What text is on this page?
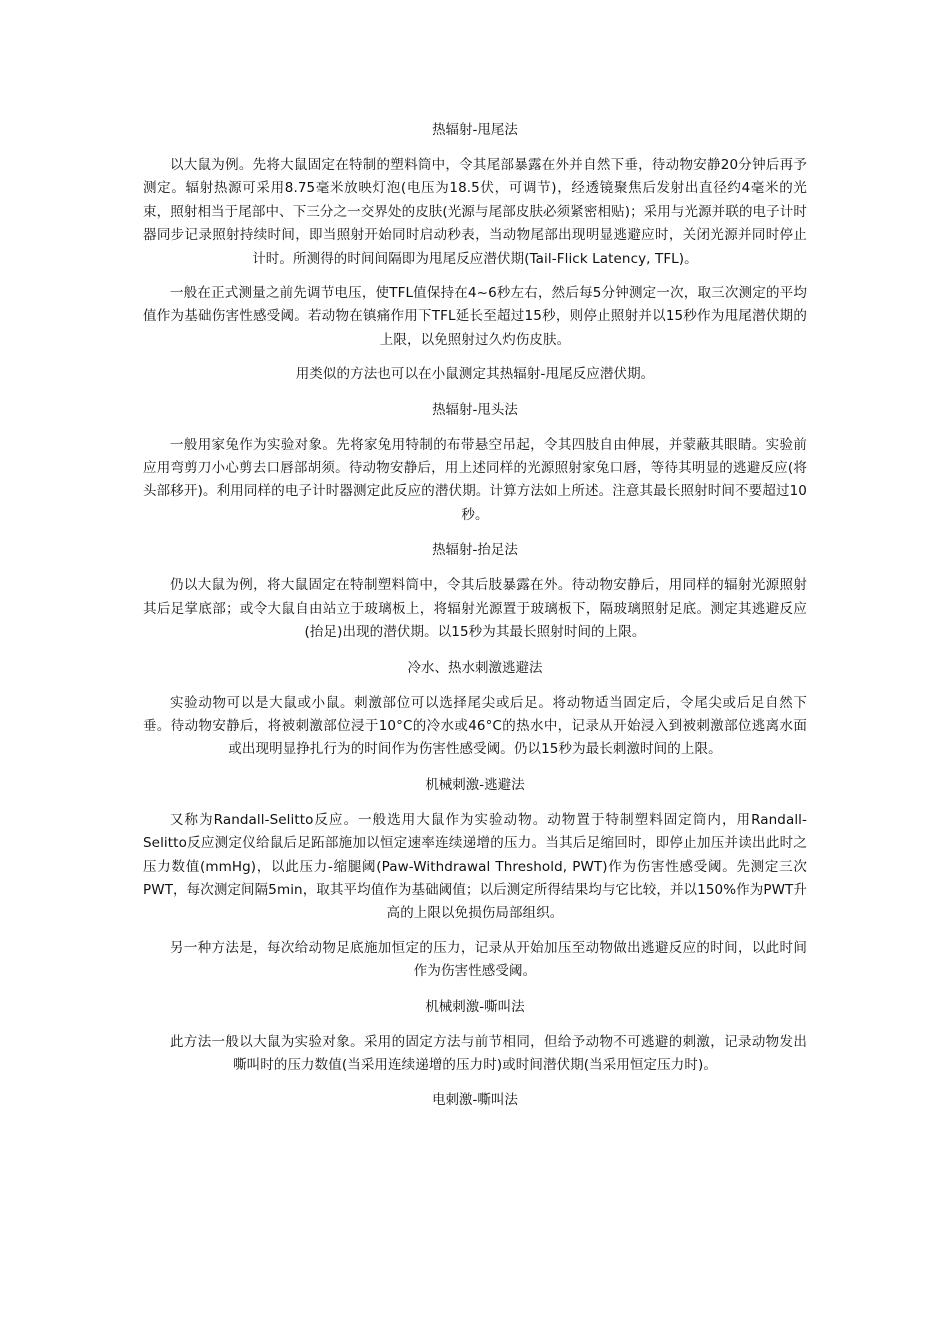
热辐射-甩尾法

以大鼠为例。先将大鼠固定在特制的塑料筒中，令其尾部暴露在外并自然下垂，待动物安静20分钟后再予测定。辐射热源可采用8.75毫米放映灯泡(电压为18.5伏，可调节)，经透镜聚焦后发射出直径约4毫米的光束，照射相当于尾部中、下三分之一交界处的皮肤(光源与尾部皮肤必须紧密相贴)；采用与光源并联的电子计时器同步记录照射持续时间，即当照射开始同时启动秒表，当动物尾部出现明显逃避应时，关闭光源并同时停止计时。所测得的时间间隔即为甩尾反应潜伏期(Tail-Flick Latency, TFL)。

一般在正式测量之前先调节电压，使TFL值保持在4~6秒左右，然后每5分钟测定一次，取三次测定的平均值作为基础伤害性感受阈。若动物在镇痛作用下TFL延长至超过15秒，则停止照射并以15秒作为甩尾潜伏期的上限，以免照射过久灼伤皮肤。

用类似的方法也可以在小鼠测定其热辐射-甩尾反应潜伏期。

热辐射-甩头法

一般用家兔作为实验对象。先将家兔用特制的布带悬空吊起，令其四肢自由伸展，并蒙蔽其眼睛。实验前应用弯剪刀小心剪去口唇部胡须。待动物安静后，用上述同样的光源照射家兔口唇，等待其明显的逃避反应(将头部移开)。利用同样的电子计时器测定此反应的潜伏期。计算方法如上所述。注意其最长照射时间不要超过10秒。

热辐射-抬足法

仍以大鼠为例，将大鼠固定在特制塑料筒中，令其后肢暴露在外。待动物安静后，用同样的辐射光源照射其后足掌底部；或令大鼠自由站立于玻璃板上，将辐射光源置于玻璃板下，隔玻璃照射足底。测定其逃避反应(抬足)出现的潜伏期。以15秒为其最长照射时间的上限。

冷水、热水刺激逃避法

实验动物可以是大鼠或小鼠。刺激部位可以选择尾尖或后足。将动物适当固定后，令尾尖或后足自然下垂。待动物安静后，将被刺激部位浸于10°C的冷水或46°C的热水中，记录从开始浸入到被刺激部位逃离水面或出现明显挣扎行为的时间作为伤害性感受阈。仍以15秒为最长刺激时间的上限。

机械刺激-逃避法

又称为Randall-Selitto反应。一般选用大鼠作为实验动物。动物置于特制塑料固定筒内，用Randall-Selitto反应测定仪给鼠后足跖部施加以恒定速率连续递增的压力。当其后足缩回时，即停止加压并读出此时之压力数值(mmHg)，以此压力-缩腿阈(Paw-Withdrawal Threshold, PWT)作为伤害性感受阈。先测定三次PWT，每次测定间隔5min，取其平均值作为基础阈值；以后测定所得结果均与它比较，并以150%作为PWT升高的上限以免损伤局部组织。

另一种方法是，每次给动物足底施加恒定的压力，记录从开始加压至动物做出逃避反应的时间，以此时间作为伤害性感受阈。

机械刺激-嘶叫法

此方法一般以大鼠为实验对象。采用的固定方法与前节相同，但给予动物不可逃避的刺激，记录动物发出嘶叫时的压力数值(当采用连续递增的压力时)或时间潜伏期(当采用恒定压力时)。

电刺激-嘶叫法
